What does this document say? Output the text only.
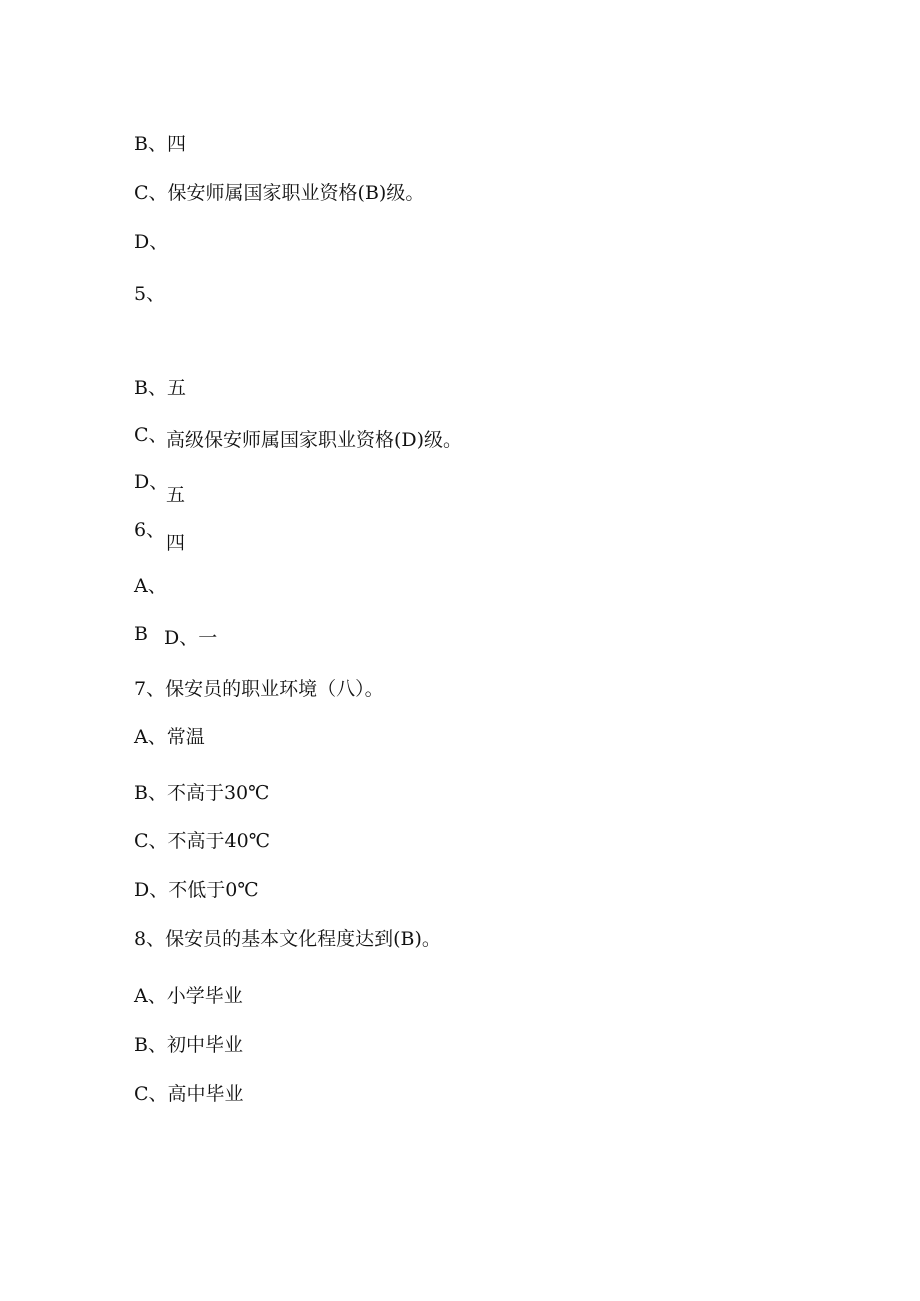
B、四
C、保安师属国家职业资格(B)级。
D、
5、
B、五
C、
高级保安师属国家职业资格(D)级。
D、
五
6、
四
A、
B D、一
7、保安员的职业环境（八）。
A、常温
B、不高于30℃
C、不高于40℃
D、不低于0℃
8、保安员的基本文化程度达到(B)。
A、小学毕业
B、初中毕业
C、高中毕业
